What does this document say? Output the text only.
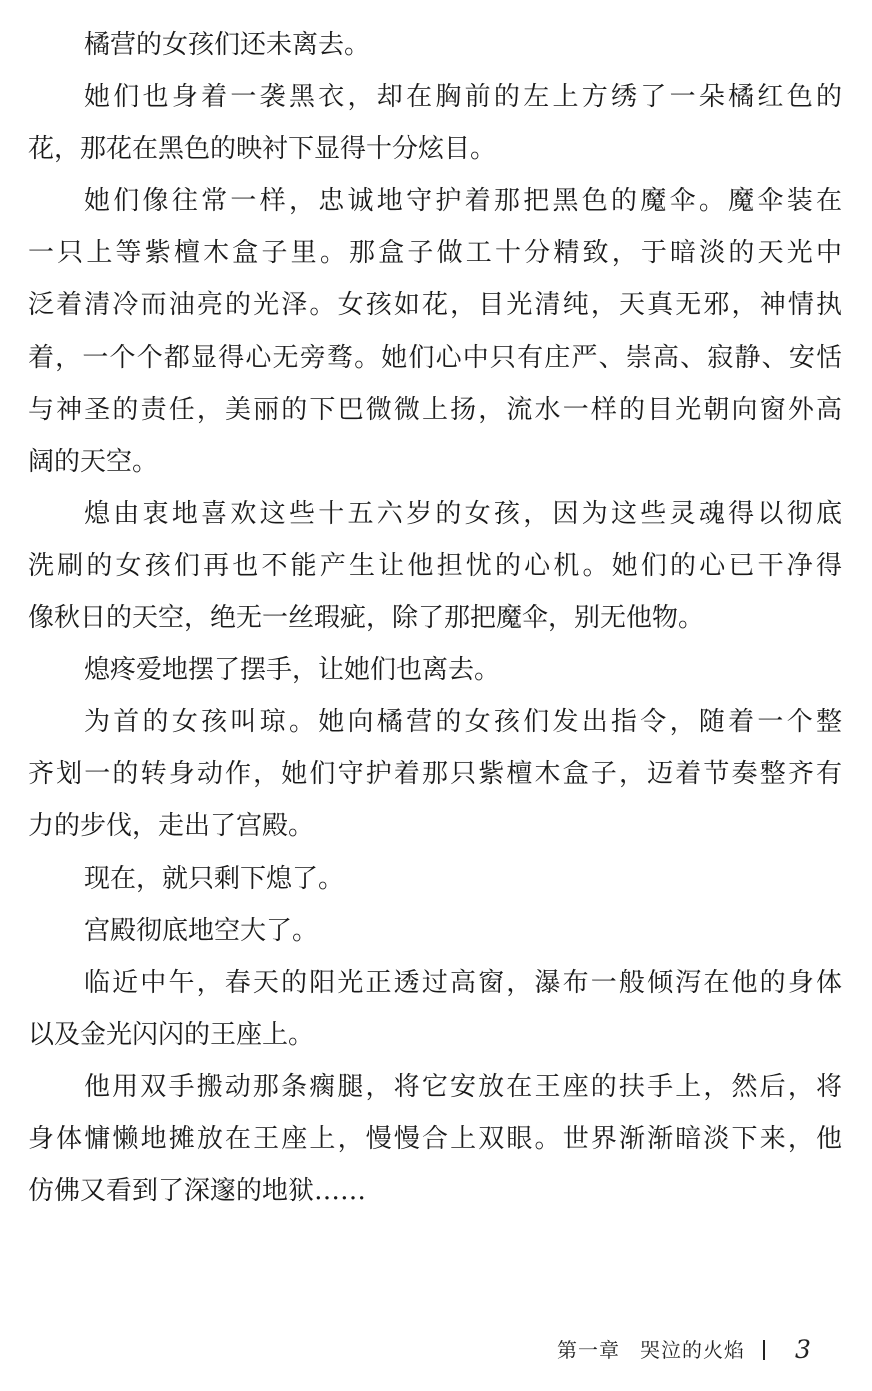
橘营的女孩们还未离去。
她们也身着一袭黑衣，却在胸前的左上方绣了一朵橘红色的
花，那花在黑色的映衬下显得十分炫目。
她们像往常一样，忠诚地守护着那把黑色的魔伞。魔伞装在
一只上等紫檀木盒子里。那盒子做工十分精致，于暗淡的天光中
泛着清冷而油亮的光泽。女孩如花，目光清纯，天真无邪，神情执
着，一个个都显得心无旁骛。她们心中只有庄严、崇高、寂静、安恬
与神圣的责任，美丽的下巴微微上扬，流水一样的目光朝向窗外高
阔的天空。
熄由衷地喜欢这些十五六岁的女孩，因为这些灵魂得以彻底
洗刷的女孩们再也不能产生让他担忧的心机。她们的心已干净得
像秋日的天空，绝无一丝瑕疵，除了那把魔伞，别无他物。
熄疼爱地摆了摆手，让她们也离去。
为首的女孩叫琼。她向橘营的女孩们发出指令，随着一个整
齐划一的转身动作，她们守护着那只紫檀木盒子，迈着节奏整齐有
力的步伐，走出了宫殿。
现在，就只剩下熄了。
宫殿彻底地空大了。
临近中午，春天的阳光正透过高窗，瀑布一般倾泻在他的身体
以及金光闪闪的王座上。
他用双手搬动那条瘸腿，将它安放在王座的扶手上，然后，将
身体慵懒地摊放在王座上，慢慢合上双眼。世界渐渐暗淡下来，他
仿佛又看到了深邃的地狱……
第一章 哭泣的火焰 3
